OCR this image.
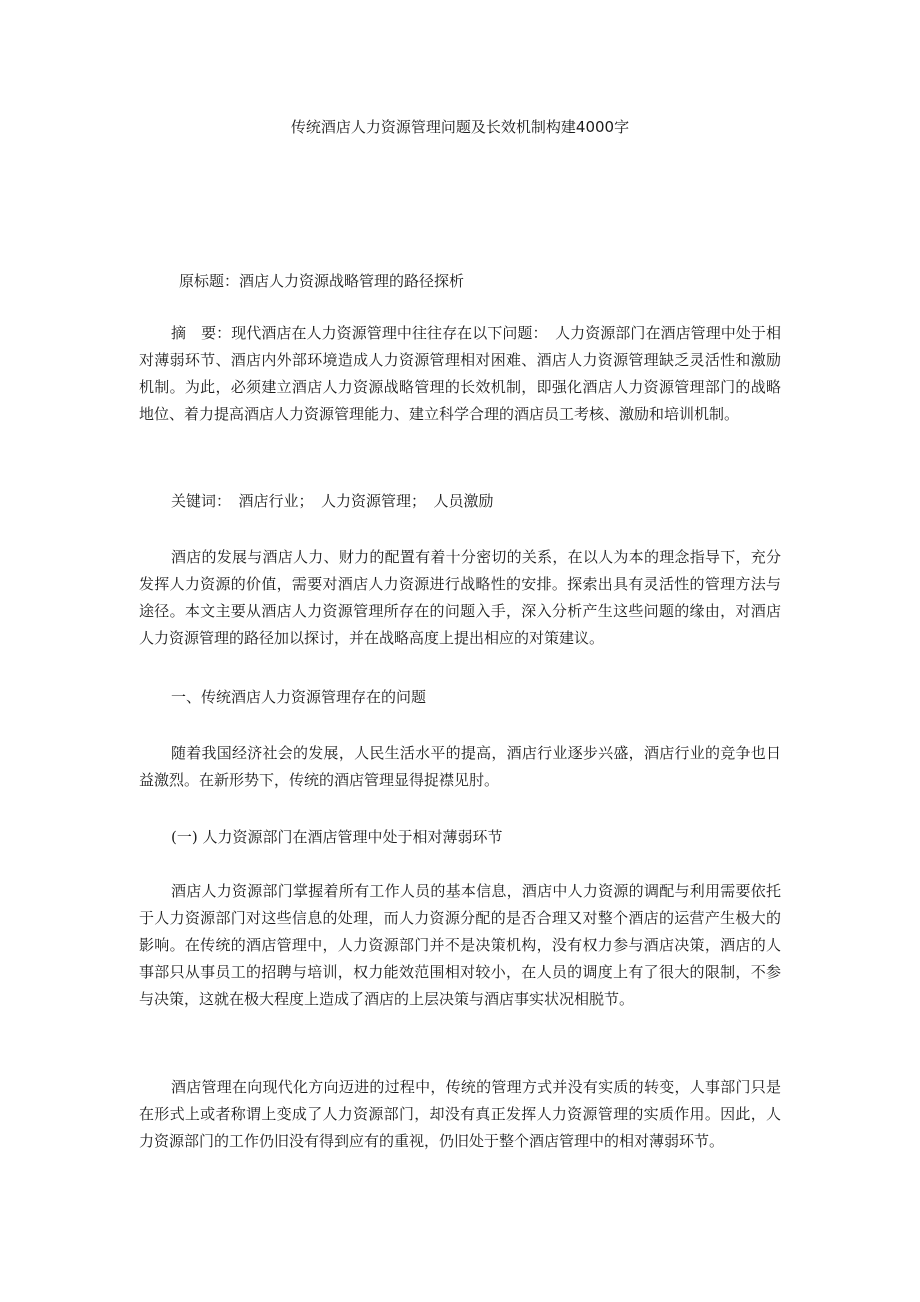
传统酒店人力资源管理问题及长效机制构建4000字

原标题：酒店人力资源战略管理的路径探析

摘　要：现代酒店在人力资源管理中往往存在以下问题：　人力资源部门在酒店管理中处于相对薄弱环节、酒店内外部环境造成人力资源管理相对困难、酒店人力资源管理缺乏灵活性和激励机制。为此，必须建立酒店人力资源战略管理的长效机制，即强化酒店人力资源管理部门的战略地位、着力提高酒店人力资源管理能力、建立科学合理的酒店员工考核、激励和培训机制。

关键词：　酒店行业；　人力资源管理；　人员激励

酒店的发展与酒店人力、财力的配置有着十分密切的关系，在以人为本的理念指导下，充分发挥人力资源的价值，需要对酒店人力资源进行战略性的安排。探索出具有灵活性的管理方法与途径。本文主要从酒店人力资源管理所存在的问题入手，深入分析产生这些问题的缘由，对酒店人力资源管理的路径加以探讨，并在战略高度上提出相应的对策建议。

一、传统酒店人力资源管理存在的问题

随着我国经济社会的发展，人民生活水平的提高，酒店行业逐步兴盛，酒店行业的竞争也日益激烈。在新形势下，传统的酒店管理显得捉襟见肘。

(一) 人力资源部门在酒店管理中处于相对薄弱环节

酒店人力资源部门掌握着所有工作人员的基本信息，酒店中人力资源的调配与利用需要依托于人力资源部门对这些信息的处理，而人力资源分配的是否合理又对整个酒店的运营产生极大的影响。在传统的酒店管理中，人力资源部门并不是决策机构，没有权力参与酒店决策，酒店的人事部只从事员工的招聘与培训，权力能效范围相对较小，在人员的调度上有了很大的限制，不参与决策，这就在极大程度上造成了酒店的上层决策与酒店事实状况相脱节。

酒店管理在向现代化方向迈进的过程中，传统的管理方式并没有实质的转变，人事部门只是在形式上或者称谓上变成了人力资源部门，却没有真正发挥人力资源管理的实质作用。因此，人力资源部门的工作仍旧没有得到应有的重视，仍旧处于整个酒店管理中的相对薄弱环节。
